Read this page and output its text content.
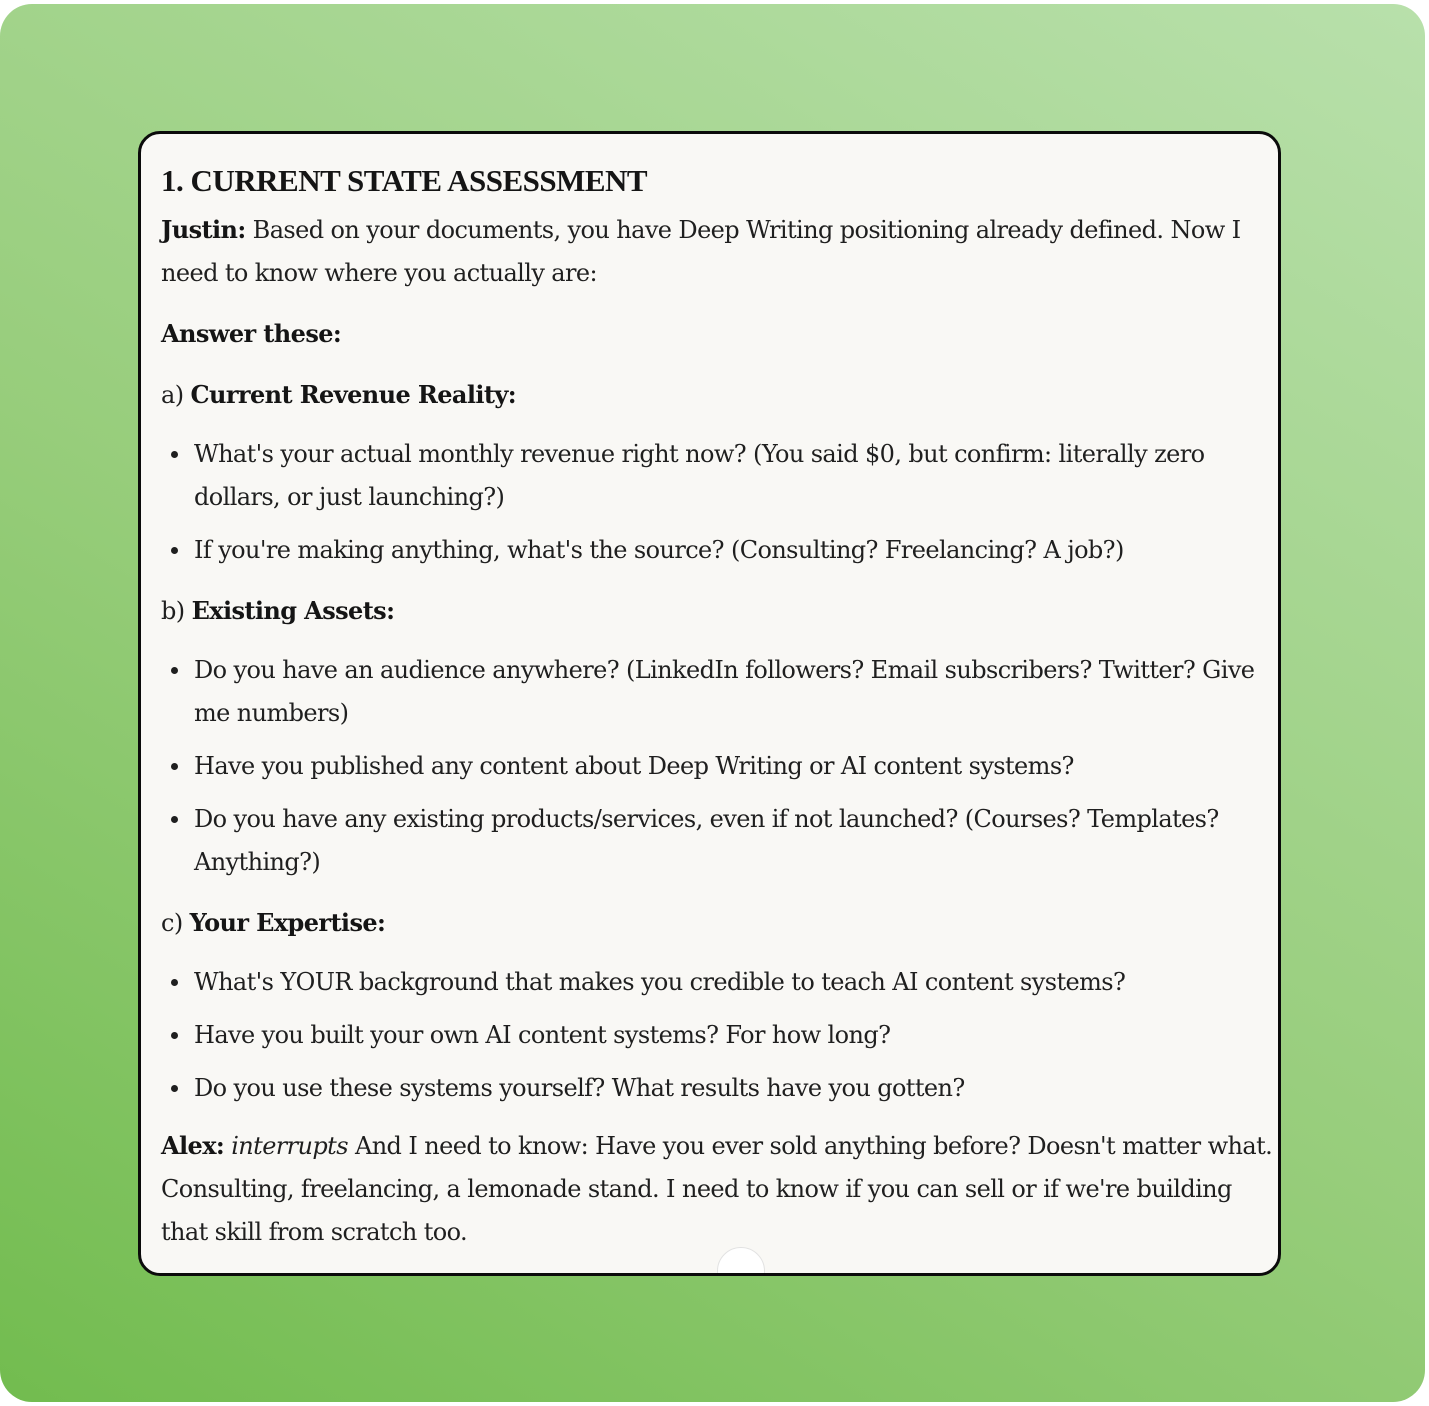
1. CURRENT STATE ASSESSMENT

Justin: Based on your documents, you have Deep Writing positioning already defined. Now I need to know where you actually are:

Answer these:

a) Current Revenue Reality:

What's your actual monthly revenue right now? (You said $0, but confirm: literally zero dollars, or just launching?)
If you're making anything, what's the source? (Consulting? Freelancing? A job?)

b) Existing Assets:

Do you have an audience anywhere? (LinkedIn followers? Email subscribers? Twitter? Give me numbers)
Have you published any content about Deep Writing or AI content systems?
Do you have any existing products/services, even if not launched? (Courses? Templates? Anything?)

c) Your Expertise:

What's YOUR background that makes you credible to teach AI content systems?
Have you built your own AI content systems? For how long?
Do you use these systems yourself? What results have you gotten?

Alex: interrupts And I need to know: Have you ever sold anything before? Doesn't matter what. Consulting, freelancing, a lemonade stand. I need to know if you can sell or if we're building that skill from scratch too.
